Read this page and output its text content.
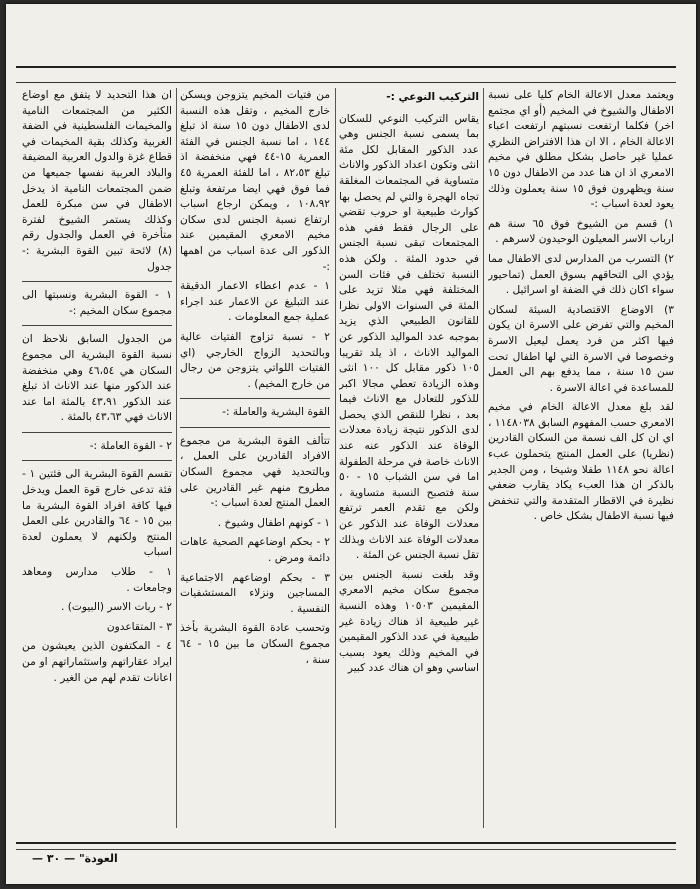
ويعتمد معدل الاعالة الخام كليا على نسبة الاطفال والشيوخ في المخيم (أو اي مجتمع اخر) فكلما ارتفعت نسبتهم ارتفعت اعباء الاعالة الخام ، الا ان هذا الافتراض النظري عمليا غير حاصل بشكل مطلق في مخيم الامعري اذ ان هنا عدد من الاطفال دون ١٥ سنة ويظهرون فوق ١٥ سنة يعملون وذلك يعود لعدة اسباب :-

١) قسم من الشيوخ فوق ٦٥ سنة هم ارباب الاسر المعيلون الوحيدون لاسرهم .

٢) التسرب من المدارس لدى الاطفال مما يؤدي الى التحاقهم بسوق العمل (تماحيور سواء اكان ذلك في الضفة او اسرائيل .

٣) الاوضاع الاقتصادية السيئة لسكان المخيم والتي تفرض على الاسرة ان يكون فيها اكثر من فرد يعمل ليعيل الاسرة وخصوصا في الاسرة التي لها اطفال تحت سن ١٥ سنة ، مما يدفع بهم الى العمل للمساعدة في اعالة الاسرة .

لقد بلغ معدل الاعالة الخام في مخيم الامعري حسب المفهوم السابق ١١٤٨٠٣٨ ، اي ان كل الف نسمة من السكان القادرين (نظريا) على العمل المنتج يتحملون عبء اعالة نحو ١١٤٨ طفلا وشيخا ، ومن الجدير بالذكر ان هذا العبء يكاد يقارب ضعفي نظيرة في الاقطار المتقدمة والتي تنخفض فيها نسبة الاطفال بشكل خاص .

التركيب النوعي :-

يقاس التركيب النوعي للسكان بما يسمى نسبة الجنس وهي عدد الذكور المقابل لكل مئة انثى وتكون اعداد الذكور والاناث متساوية في المجتمعات المغلقة تجاه الهجرة والتي لم يحصل بها كوارث طبيعية او حروب تقضي على الرجال فقط ففي هذه المجتمعات تبقى نسبة الجنس في حدود المئة . ولكن هذه النسبة تختلف في فئات السن المختلفة فهي مثلا تزيد على المئة في السنوات الاولى نظرا للقانون الطبيعي الذي يزيد بموجبه عدد المواليد الذكور عن المواليد الاناث ، اذ يلد تقريبا ١٠٥ ذكور مقابل كل ١٠٠ انثى وهذه الزيادة تعطي مجالا اكبر للذكور للتعادل مع الاناث فيما بعد ، نظرا للنقص الذي يحصل لدى الذكور نتيجة زيادة معدلات الوفاة عند الذكور عنه عند الاناث خاصة في مرحلة الطفولة اما في سن الشباب ١٥ - ٥٠ سنة فتصبح النسبة متساوية ، ولكن مع تقدم العمر ترتفع معدلات الوفاة عند الذكور عن معدلات الوفاة عند الاناث وبذلك تقل نسبة الجنس عن المئة .

وقد بلغت نسبة الجنس بين مجموع سكان مخيم الامعري المقيمين ١٠٥٠٣ وهذه النسبة غير طبيعية اذ هناك زيادة غير طبيعية في عدد الذكور المقيمين في المخيم وذلك يعود بسبب اساسي وهو ان هناك عدد كبير

من فتيات المخيم يتزوجن ويسكن خارج المخيم ، وتقل هذه النسبة لدى الاطفال دون ١٥ سنة اذ تبلغ ١٤٤ ، اما نسبة الجنس في الفئة العمرية ١٥-٤٤ فهي منخفضة اذ تبلغ ٨٢،٥٣ ، اما للفئة العمرية ٤٥ فما فوق فهي ايضا مرتفعة وتبلغ ١٠٨،٩٢ ، ويمكن ارجاع اسباب ارتفاع نسبة الجنس لدى سكان مخيم الامعري المقيمين عند الذكور الى عدة اسباب من اهمها :-

١ - عدم اعطاء الاعمار الدقيقة عند التبليغ عن الاعمار عند اجراء عملية جمع المعلومات .

٢ - نسبة تزاوج الفتيات عالية وبالتحديد الزواج الخارجي (اي الفتيات اللواتي يتزوجن من رجال من خارج المخيم) .

القوة البشرية والعاملة :-

تتألف القوة البشرية من مجموع الافراد القادرين على العمل ، وبالتحديد فهي مجموع السكان مطروح منهم غير القادرين على العمل المنتج لعدة اسباب :-

١ - كونهم اطفال وشيوخ .

٢ - بحكم اوضاعهم الصحية عاهات دائمة ومرض .

٣ - بحكم اوضاعهم الاجتماعية المساجين ونزلاء المستشفيات النفسية .

وتحسب عادة القوة البشرية بأخذ مجموع السكان ما بين ١٥ - ٦٤ سنة ،

ان هذا التحديد لا يتفق مع اوضاع الكثير من المجتمعات النامية والمخيمات الفلسطينية في الضفة الغربية وكذلك بقية المخيمات في قطاع غزة والدول العربية المضيفة والبلاد العربية نفسها جميعها من ضمن المجتمعات النامية اذ يدخل الاطفال في سن مبكرة للعمل وكذلك يستمر الشيوخ لفترة متأخرة في العمل والجدول رقم (٨) لائحة تبين القوة البشرية :- جدول

١ - القوة البشرية ونسبتها الى مجموع سكان المخيم :-

من الجدول السابق نلاحظ ان نسبة القوة البشرية الى مجموع السكان هي ٤٦،٥٤ وهي منخفضة عند الذكور منها عند الاناث اذ تبلغ عند الذكور ٤٣،٩١ بالمئة اما عند الاناث فهي ٤٣،٦٣ بالمئة .

٢ - القوة العاملة :-

تقسم القوة البشرية الى فئتين ١ - فئة تدعى خارج قوة العمل ويدخل فيها كافة افراد القوة البشرية ما بين ١٥ - ٦٤ والقادرين على العمل المنتج ولكنهم لا يعملون لعدة اسباب

١ - طلاب مدارس ومعاهد وجامعات .

٢ - ربات الاسر (البيوت) .

٣ - المتقاعدون

٤ - المكتفون الذين يعيشون من ايراد عقاراتهم واستثماراتهم او من اعانات تقدم لهم من الغير .

العودة" — ٣٠ —
